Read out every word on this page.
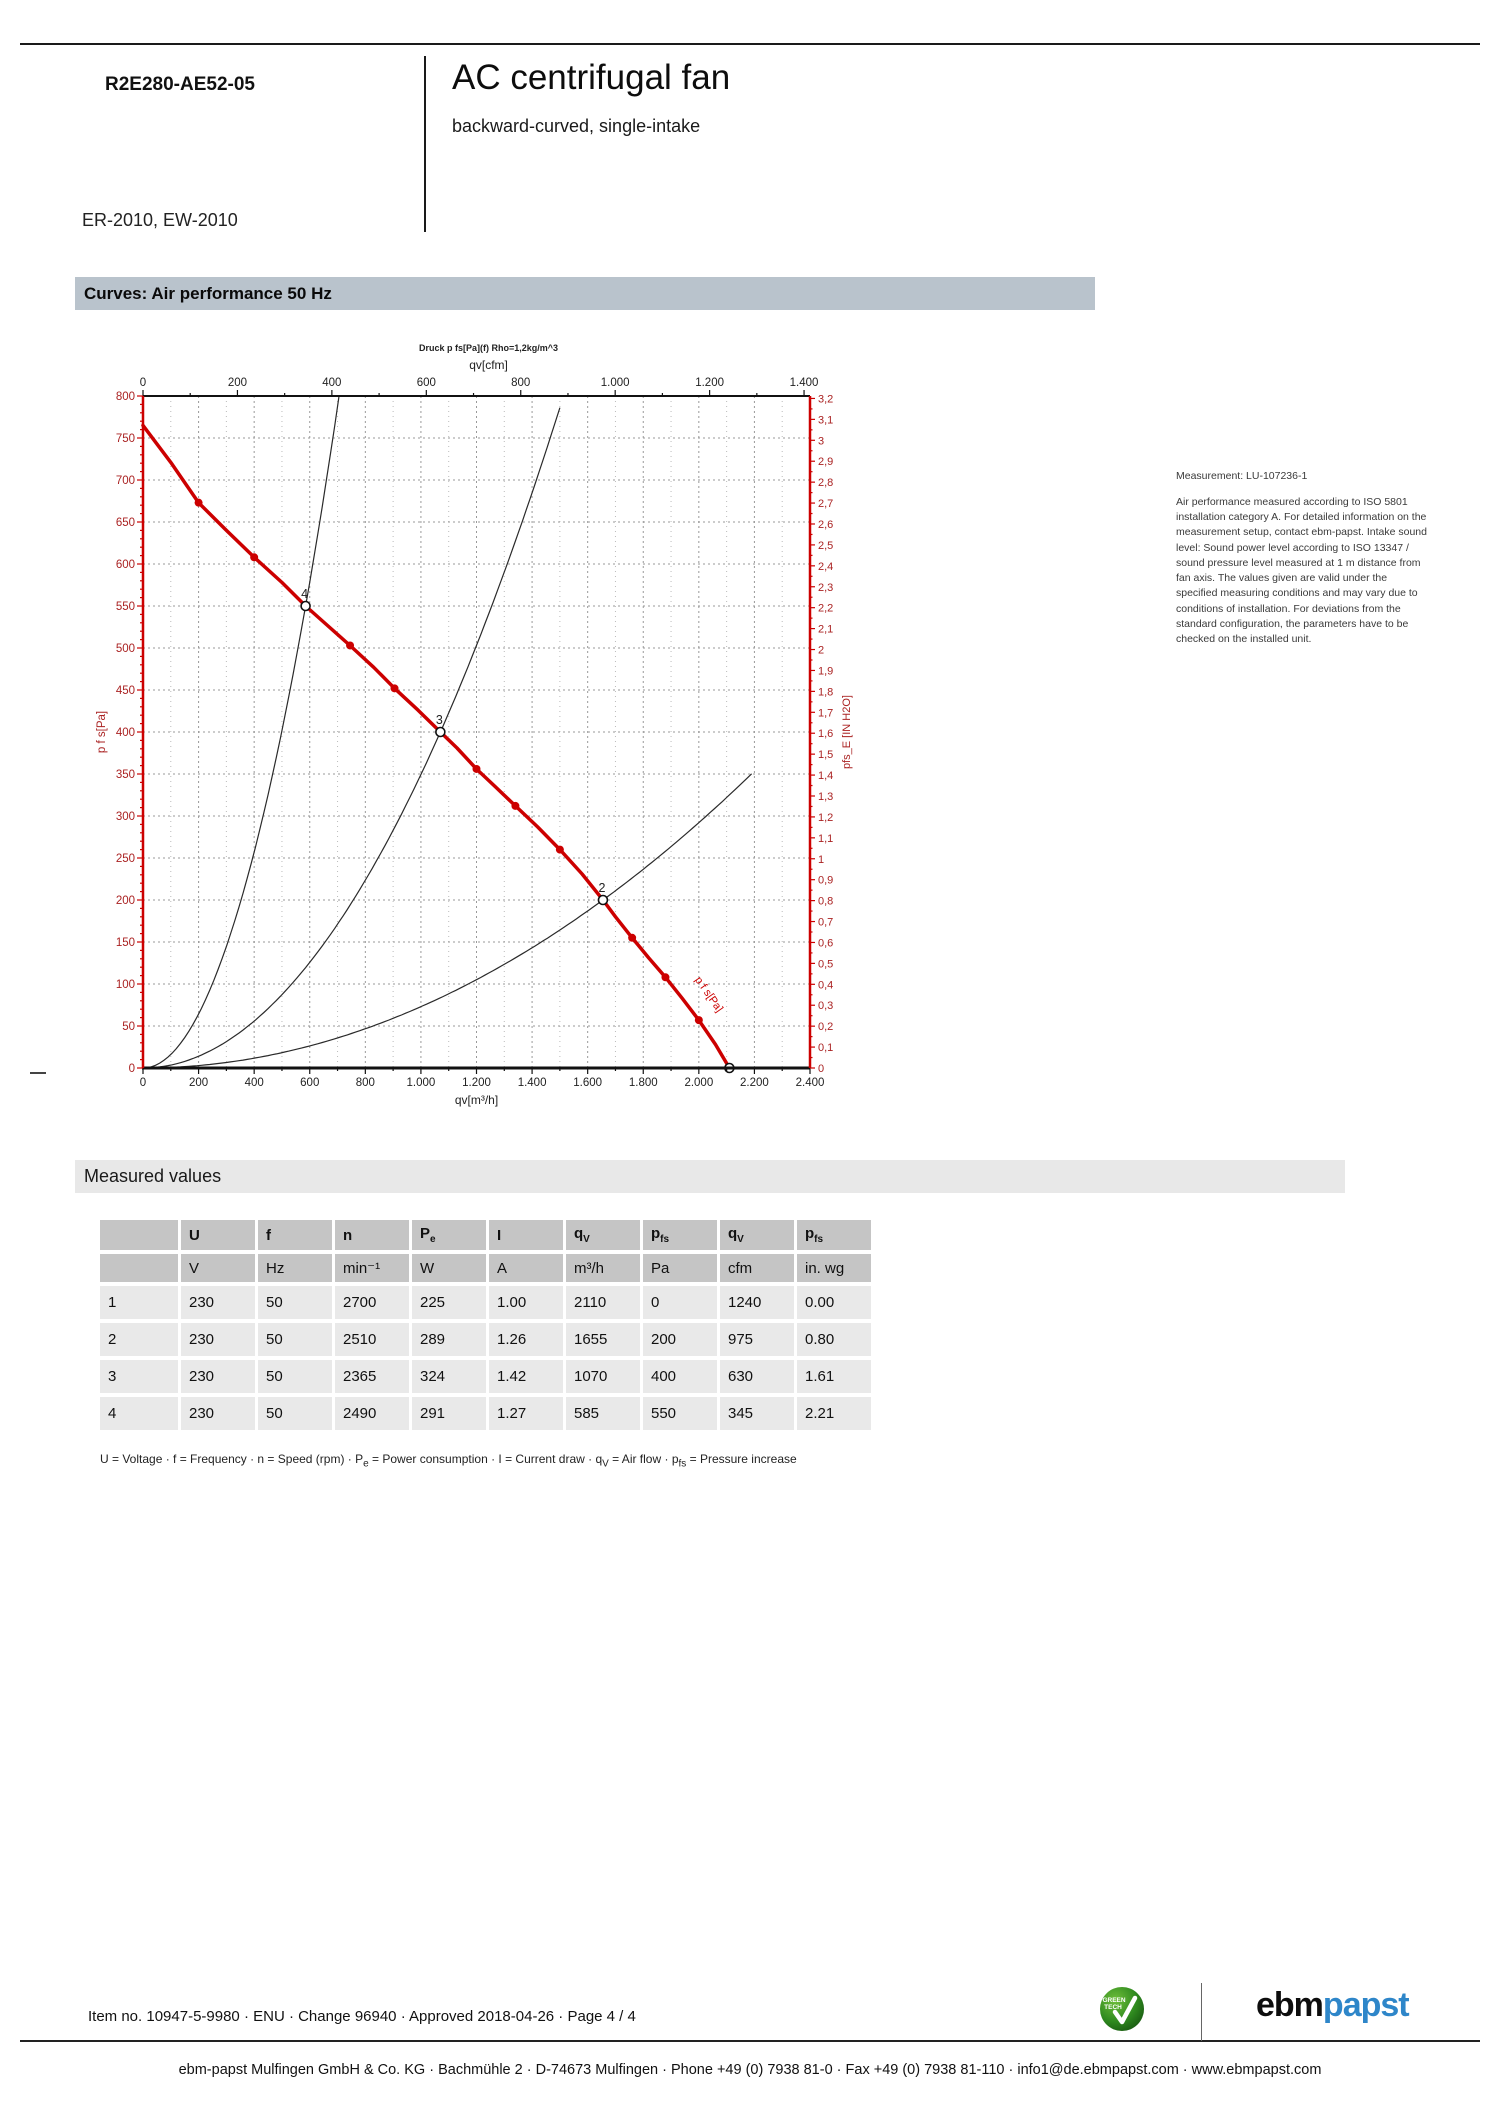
R2E280-AE52-05	AC centrifugal fan
backward-curved, single-intake
ER-2010, EW-2010
Curves: Air performance 50 Hz
2
3
4
p f s[Pa]
0	200	400	600	800	1.000	1.200	1.400
qv[cfm]
Druck p fs[Pa](f) Rho=1,2kg/m^3
0	200	400	600	800	1.000 1.200 1.400 1.600 1.800 2.000 2.200 2.400
qv[m³/h]
0
50
100
150
200
250
300
350
400
450
500
550
600
650
700
750
800
p f s[Pa]
0
0,1
0,2
0,3
0,4
0,5
0,6
0,7
0,8
0,9
1
1,1
1,2
1,3
1,4
1,5
1,6
1,7
1,8
1,9
2
2,1
2,2
2,3
2,4
2,5
2,6
2,7
2,8
2,9
3
3,1
3,2
pfs_E [IN H2O]

Measurement: LU-107236-1

Air performance measured according to ISO 5801 installation category A. For detailed information on the measurement setup, contact ebm-papst. Intake sound level: Sound power level according to ISO 13347 / sound pressure level measured at 1 m distance from fan axis. The values given are valid under the specified measuring conditions and may vary due to conditions of installation. For deviations from the standard configuration, the parameters have to be checked on the installed unit.
Measured values
	U	f	n	$P_e$	I	$q_V$	$p_{fs}$	$q_V$	$p_{fs}$
	V	Hz	min⁻¹	W	A	m³/h	Pa	cfm	in. wg
1	230	50	2700	225	1.00	2110	0	1240	0.00
2	230	50	2510	289	1.26	1655	200	975	0.80
3	230	50	2365	324	1.42	1070	400	630	1.61
4	230	50	2490	291	1.27	585	550	345	2.21
U = Voltage · f = Frequency · n = Speed $(rpm) \cdot P_e$ = Power consumption · I = Current draw · $q_V$ = Air flow · $p_{fs}$ = Pressure increase
Item no. 10947-5-9980 · ENU · Change 96940 · Approved 2018-04-26 · Page 4 / 4
GREEN
TECH	ebmpapst
ebm-papst Mulfingen GmbH & Co. KG · Bachmühle 2 · D-74673 Mulfingen · Phone +49 (0) 7938 81-0 · Fax +49 (0) 7938 81-110 · info1@de.ebmpapst.com · www.ebmpapst.com
